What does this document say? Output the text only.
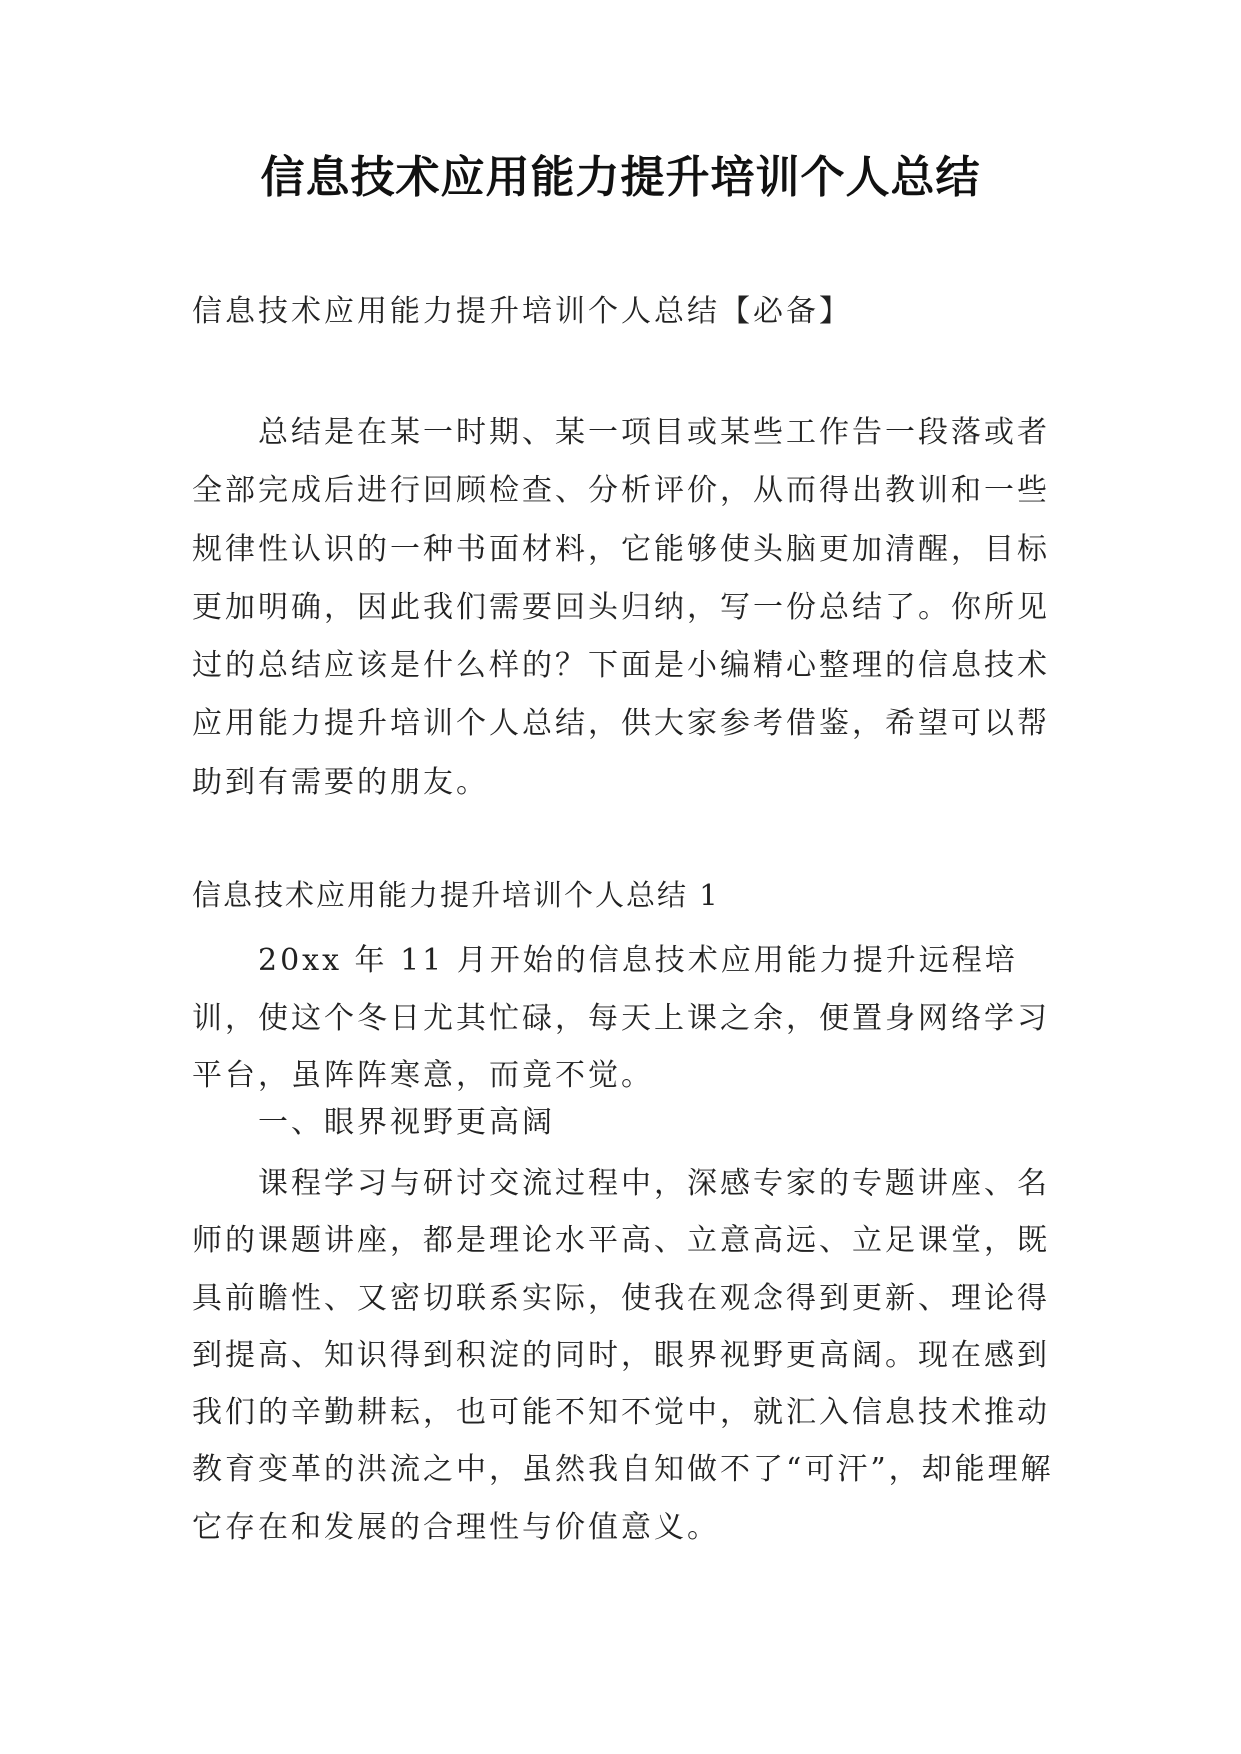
信息技术应用能力提升培训个人总结
信息技术应用能力提升培训个人总结【必备】

总结是在某一时期、某一项目或某些工作告一段落或者全部完成后进行回顾检查、分析评价，从而得出教训和一些规律性认识的一种书面材料，它能够使头脑更加清醒，目标更加明确，因此我们需要回头归纳，写一份总结了。你所见过的总结应该是什么样的？下面是小编精心整理的信息技术应用能力提升培训个人总结，供大家参考借鉴，希望可以帮助到有需要的朋友。

信息技术应用能力提升培训个人总结 1

20xx 年 11 月开始的信息技术应用能力提升远程培训，使这个冬日尤其忙碌，每天上课之余，便置身网络学习平台，虽阵阵寒意，而竟不觉。

一、眼界视野更高阔

课程学习与研讨交流过程中，深感专家的专题讲座、名师的课题讲座，都是理论水平高、立意高远、立足课堂，既具前瞻性、又密切联系实际，使我在观念得到更新、理论得到提高、知识得到积淀的同时，眼界视野更高阔。现在感到我们的辛勤耕耘，也可能不知不觉中，就汇入信息技术推动教育变革的洪流之中，虽然我自知做不了“可汗”，却能理解它存在和发展的合理性与价值意义。
